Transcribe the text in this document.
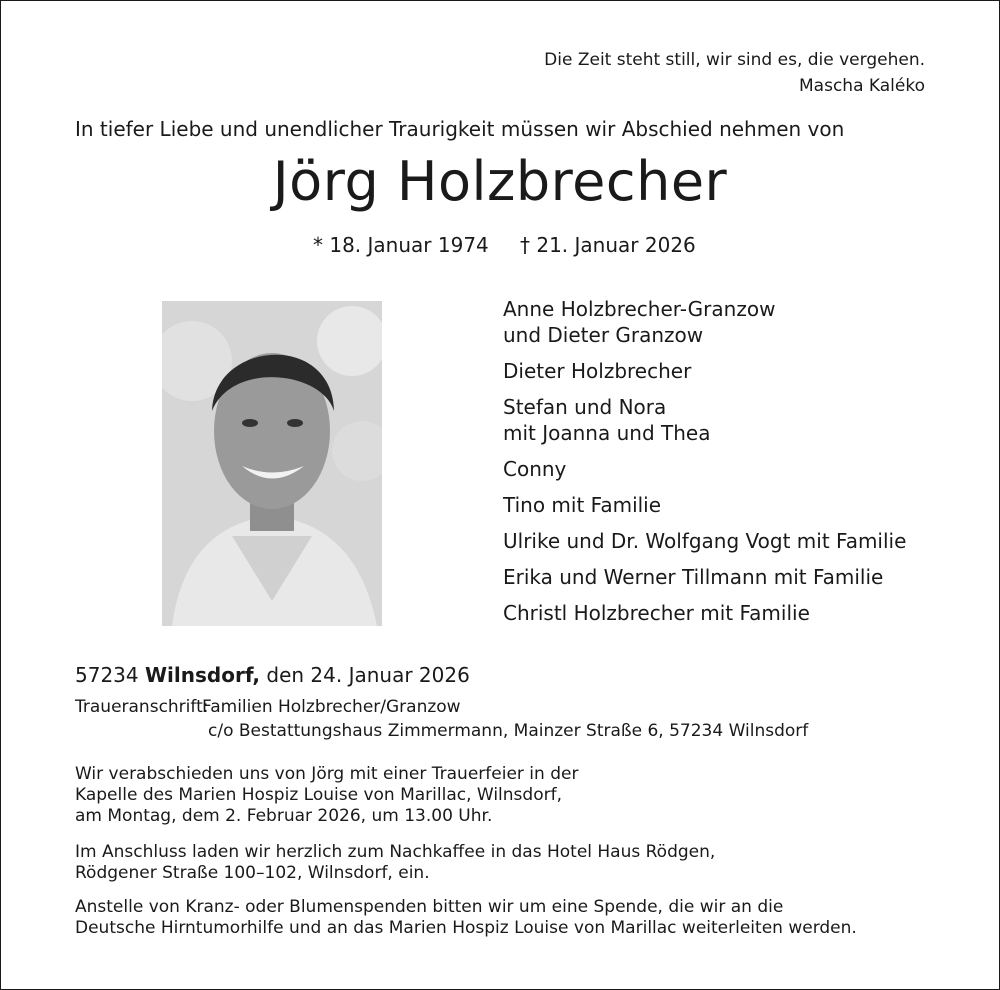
Die Zeit steht still, wir sind es, die vergehen.
Mascha Kaléko
In tiefer Liebe und unendlicher Traurigkeit müssen wir Abschied nehmen von
Jörg Holzbrecher
* 18. Januar 1974 † 21. Januar 2026
Anne Holzbrecher-Granzow
und Dieter Granzow
Dieter Holzbrecher
Stefan und Nora
mit Joanna und Thea
Conny
Tino mit Familie
Ulrike und Dr. Wolfgang Vogt mit Familie
Erika und Werner Tillmann mit Familie
Christl Holzbrecher mit Familie
57234 Wilnsdorf, den 24. Januar 2026
Traueranschrift:
Familien Holzbrecher/Granzow
c/o Bestattungshaus Zimmermann, Mainzer Straße 6, 57234 Wilnsdorf
Wir verabschieden uns von Jörg mit einer Trauerfeier in der
Kapelle des Marien Hospiz Louise von Marillac, Wilnsdorf,
am Montag, dem 2. Februar 2026, um 13.00 Uhr.
Im Anschluss laden wir herzlich zum Nachkaffee in das Hotel Haus Rödgen,
Rödgener Straße 100–102, Wilnsdorf, ein.
Anstelle von Kranz- oder Blumenspenden bitten wir um eine Spende, die wir an die
Deutsche Hirntumorhilfe und an das Marien Hospiz Louise von Marillac weiterleiten werden.
